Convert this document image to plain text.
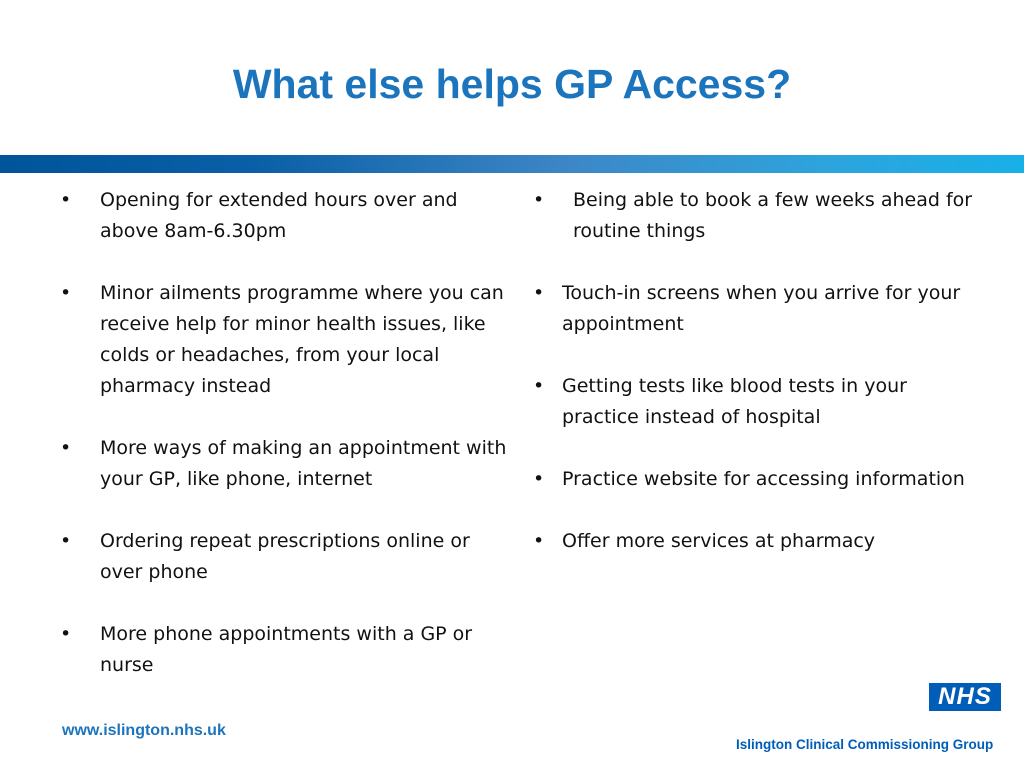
What else helps GP Access?
• Opening for extended hours over and above 8am-6.30pm
• Minor ailments programme where you can receive help for minor health issues, like colds or headaches, from your local pharmacy instead
• More ways of making an appointment with your GP, like phone, internet
• Ordering repeat prescriptions online or over phone
• More phone appointments with a GP or nurse
• Being able to book a few weeks ahead for routine things
• Touch-in screens when you arrive for your appointment
• Getting tests like blood tests in your practice instead of hospital
• Practice website for accessing information
• Offer more services at pharmacy
www.islington.nhs.uk
NHS
Islington Clinical Commissioning Group
